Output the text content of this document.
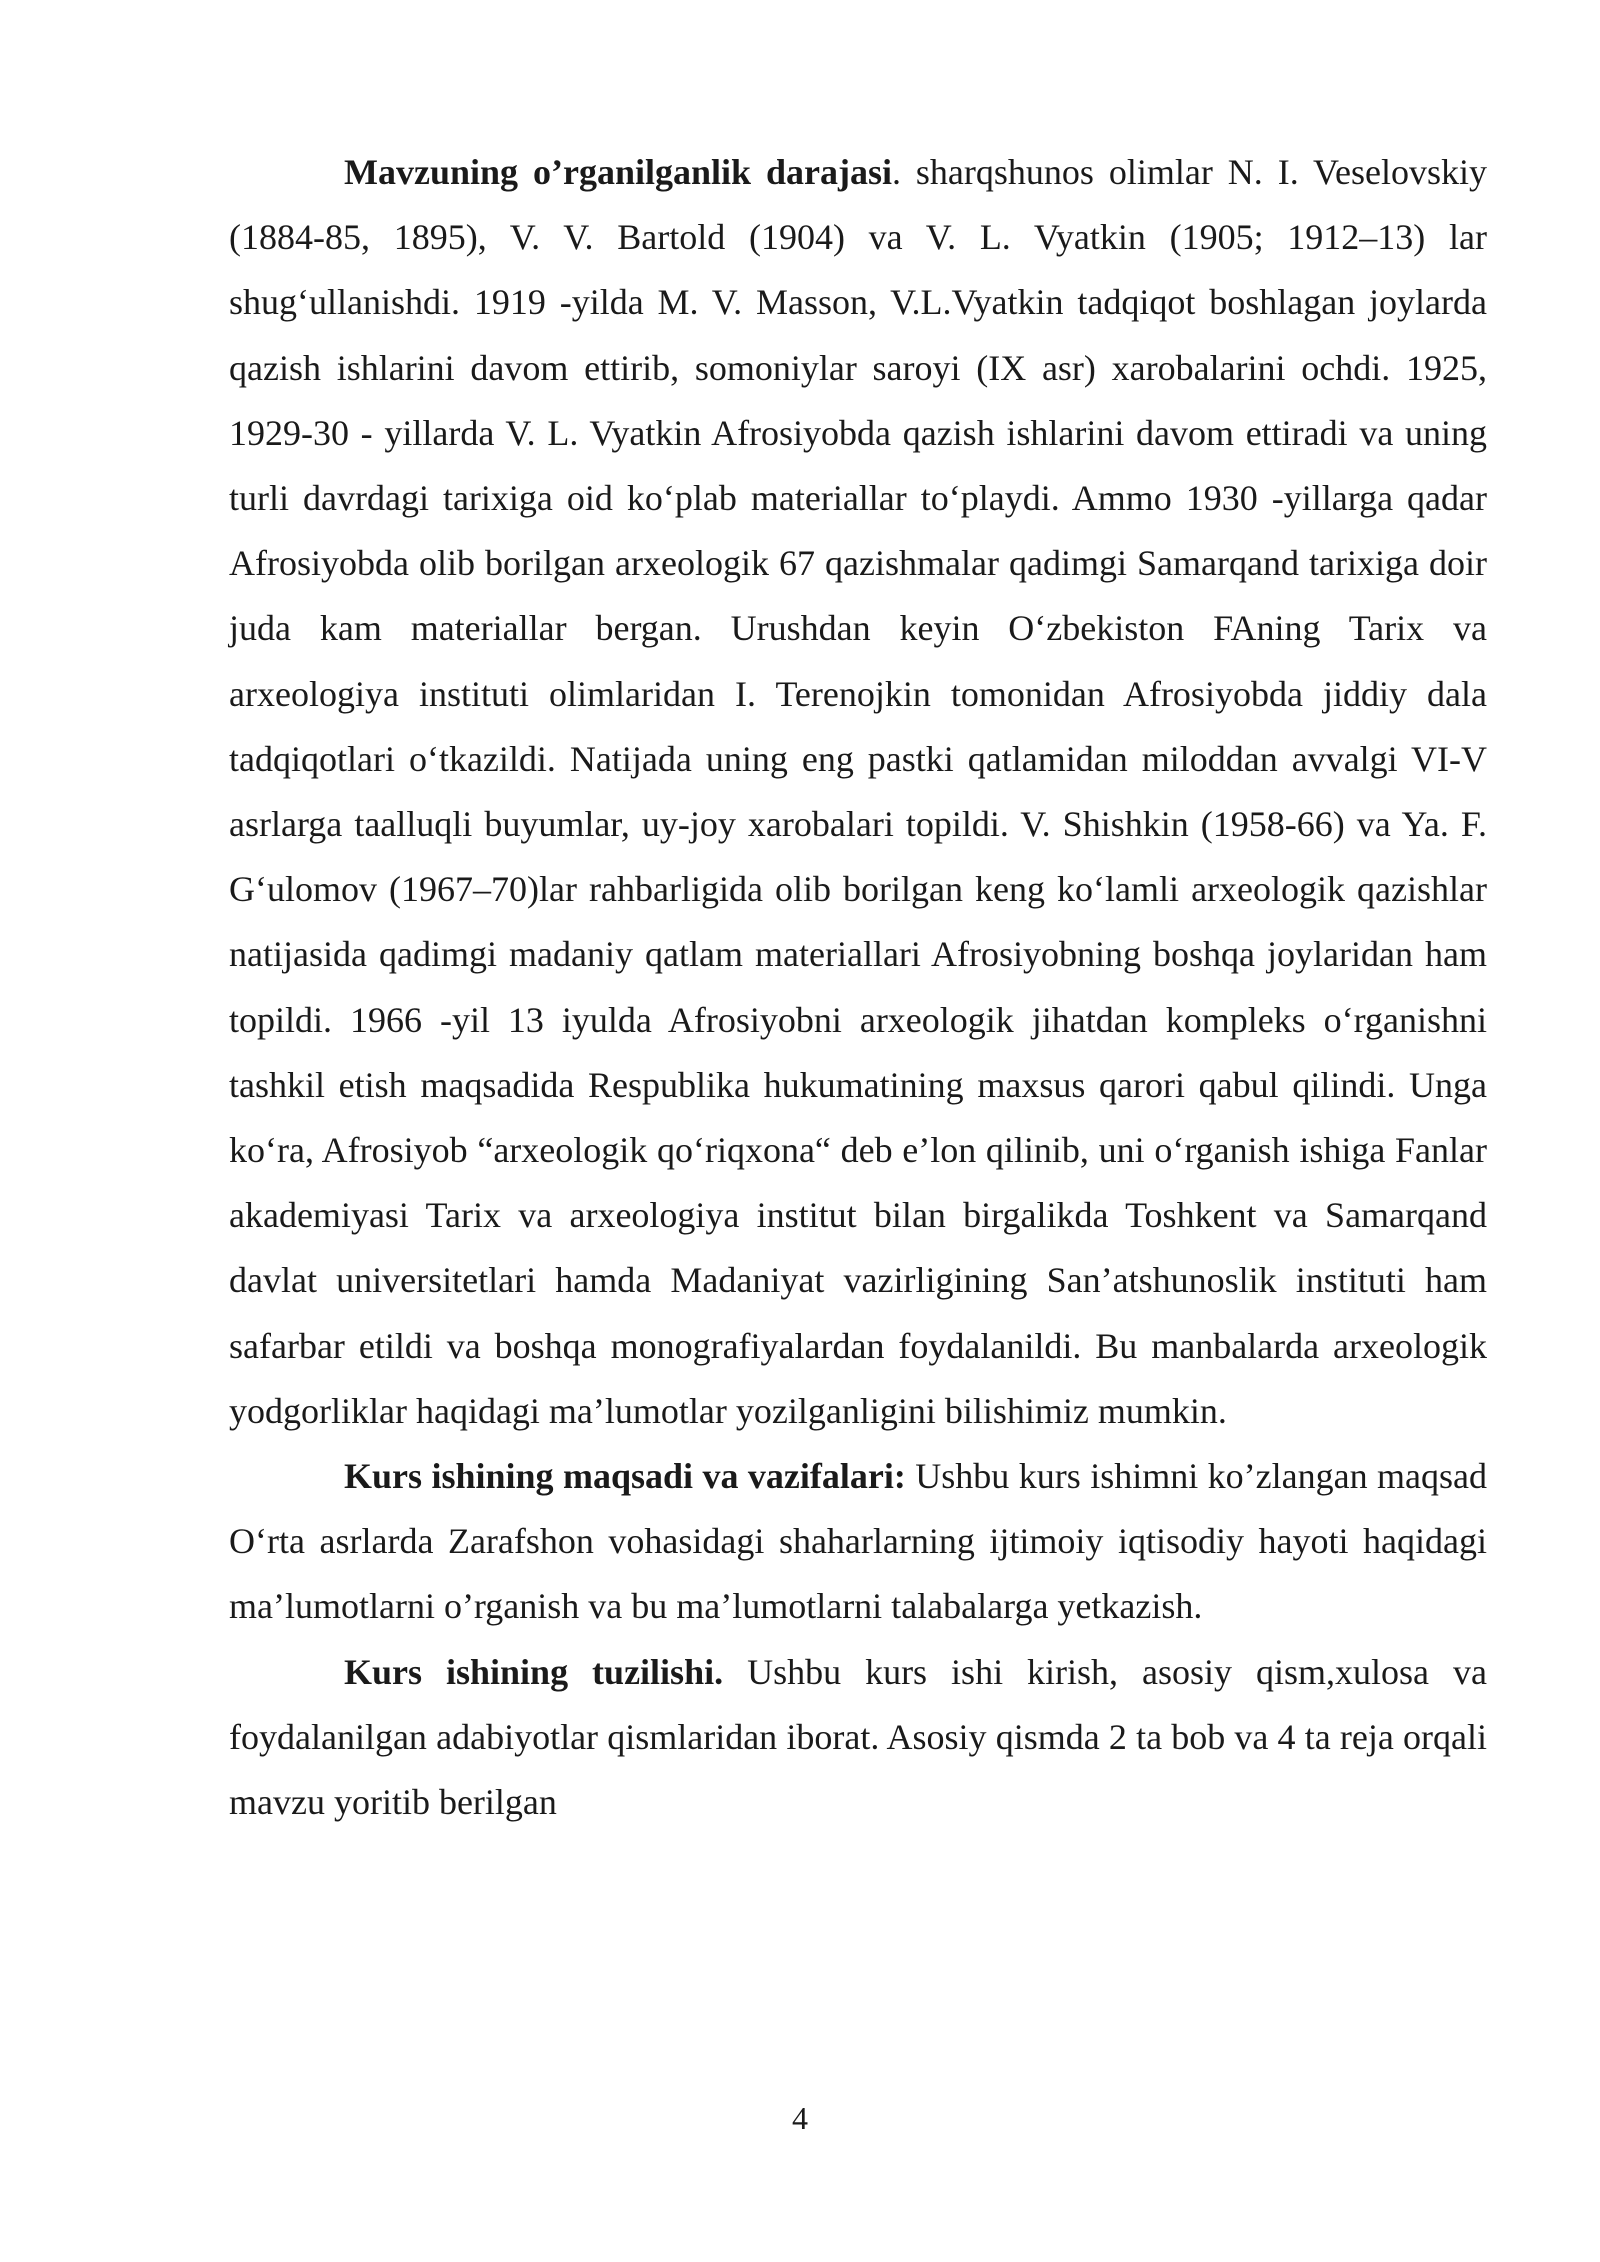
Mavzuning o’rganilganlik darajasi. sharqshunos olimlar N. I. Veselovskiy (1884-85, 1895), V. V. Bartold (1904) va V. L. Vyatkin (1905; 1912–13) lar shug‘ullanishdi. 1919 -yilda M. V. Masson, V.L.Vyatkin tadqiqot boshlagan joylarda qazish ishlarini davom ettirib, somoniylar saroyi (IX asr) xarobalarini ochdi. 1925, 1929-30 - yillarda V. L. Vyatkin Afrosiyobda qazish ishlarini davom ettiradi va uning turli davrdagi tarixiga oid ko‘plab materiallar to‘playdi. Ammo 1930 -yillarga qadar Afrosiyobda olib borilgan arxeologik 67 qazishmalar qadimgi Samarqand tarixiga doir juda kam materiallar bergan. Urushdan keyin O‘zbekiston FAning Tarix va arxeologiya instituti olimlaridan I. Terenojkin tomonidan Afrosiyobda jiddiy dala tadqiqotlari o‘tkazildi. Natijada uning eng pastki qatlamidan miloddan avvalgi VI-V asrlarga taalluqli buyumlar, uy-joy xarobalari topildi. V. Shishkin (1958-66) va Ya. F. G‘ulomov (1967–70)lar rahbarligida olib borilgan keng ko‘lamli arxeologik qazishlar natijasida qadimgi madaniy qatlam materiallari Afrosiyobning boshqa joylaridan ham topildi. 1966 -yil 13 iyulda Afrosiyobni arxeologik jihatdan kompleks o‘rganishni tashkil etish maqsadida Respublika hukumatining maxsus qarori qabul qilindi. Unga ko‘ra, Afrosiyob “arxeologik qo‘riqxona“ deb e’lon qilinib, uni o‘rganish ishiga Fanlar akademiyasi Tarix va arxeologiya institut bilan birgalikda Toshkent va Samarqand davlat universitetlari hamda Madaniyat vazirligining San’atshunoslik instituti ham safarbar etildi va boshqa monografiyalardan foydalanildi. Bu manbalarda arxeologik yodgorliklar haqidagi ma’lumotlar yozilganligini bilishimiz mumkin.

Kurs ishining maqsadi va vazifalari: Ushbu kurs ishimni ko’zlangan maqsad O‘rta asrlarda Zarafshon vohasidagi shaharlarning ijtimoiy iqtisodiy hayoti haqidagi ma’lumotlarni o’rganish va bu ma’lumotlarni talabalarga yetkazish.

Kurs ishining tuzilishi. Ushbu kurs ishi kirish, asosiy qism,xulosa va foydalanilgan adabiyotlar qismlaridan iborat. Asosiy qismda 2 ta bob va 4 ta reja orqali mavzu yoritib berilgan

4
